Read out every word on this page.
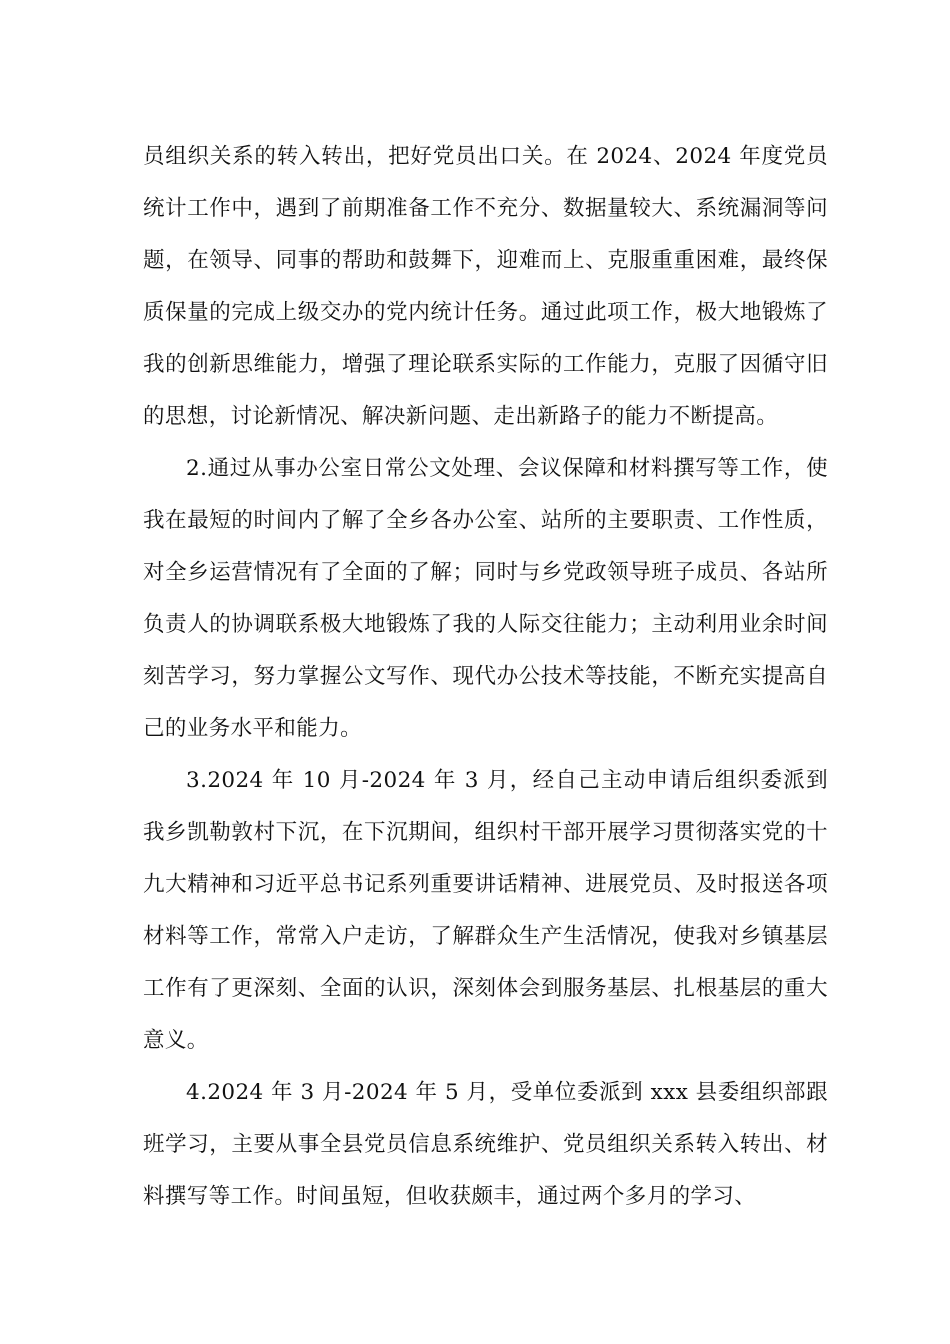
员组织关系的转入转出，把好党员出口关。在 2024、2024 年度党员统计工作中，遇到了前期准备工作不充分、数据量较大、系统漏洞等问题，在领导、同事的帮助和鼓舞下，迎难而上、克服重重困难，最终保质保量的完成上级交办的党内统计任务。通过此项工作，极大地锻炼了我的创新思维能力，增强了理论联系实际的工作能力，克服了因循守旧的思想，讨论新情况、解决新问题、走出新路子的能力不断提高。

2.通过从事办公室日常公文处理、会议保障和材料撰写等工作，使我在最短的时间内了解了全乡各办公室、站所的主要职责、工作性质，对全乡运营情况有了全面的了解；同时与乡党政领导班子成员、各站所负责人的协调联系极大地锻炼了我的人际交往能力；主动利用业余时间刻苦学习，努力掌握公文写作、现代办公技术等技能，不断充实提高自己的业务水平和能力。

3.2024 年 10 月-2024 年 3 月，经自己主动申请后组织委派到我乡凯勒敦村下沉，在下沉期间，组织村干部开展学习贯彻落实党的十九大精神和习近平总书记系列重要讲话精神、进展党员、及时报送各项材料等工作，常常入户走访，了解群众生产生活情况，使我对乡镇基层工作有了更深刻、全面的认识，深刻体会到服务基层、扎根基层的重大意义。

4.2024 年 3 月-2024 年 5 月，受单位委派到 xxx 县委组织部跟班学习，主要从事全县党员信息系统维护、党员组织关系转入转出、材料撰写等工作。时间虽短，但收获颇丰，通过两个多月的学习、
